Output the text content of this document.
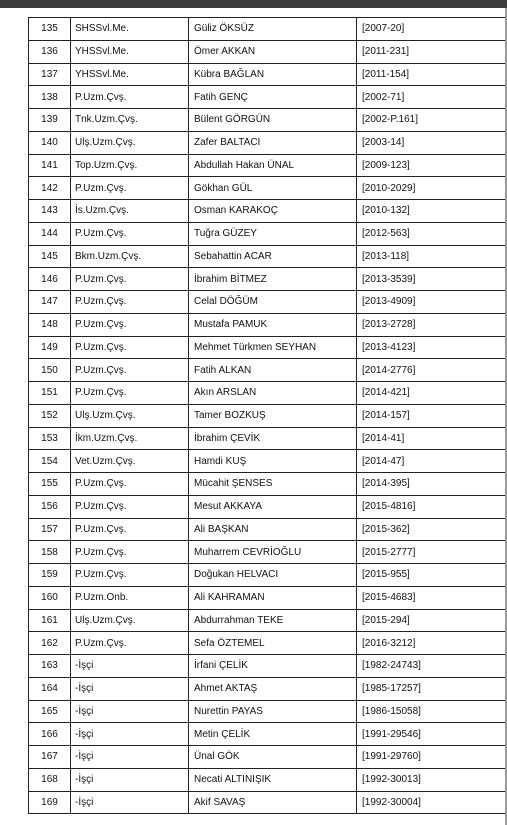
135	SHSSvl.Me.	Güliz ÖKSÜZ	[2007-20]
136	YHSSvl.Me.	Ömer AKKAN	[2011-231]
137	YHSSvl.Me.	Kübra BAĞLAN	[2011-154]
138	P.Uzm.Çvş.	Fatih GENÇ	[2002-71]
139	Tnk.Uzm.Çvş.	Bülent GÖRGÜN	[2002-P.161]
140	Ulş.Uzm.Çvş.	Zafer BALTACI	[2003-14]
141	Top.Uzm.Çvş.	Abdullah Hakan ÜNAL	[2009-123]
142	P.Uzm.Çvş.	Gökhan GÜL	[2010-2029]
143	İs.Uzm.Çvş.	Osman KARAKOÇ	[2010-132]
144	P.Uzm.Çvş.	Tuğra GÜZEY	[2012-563]
145	Bkm.Uzm.Çvş.	Sebahattin ACAR	[2013-118]
146	P.Uzm.Çvş.	İbrahim BİTMEZ	[2013-3539]
147	P.Uzm.Çvş.	Celal DÖĞÜM	[2013-4909]
148	P.Uzm.Çvş.	Mustafa PAMUK	[2013-2728]
149	P.Uzm.Çvş.	Mehmet Türkmen SEYHAN	[2013-4123]
150	P.Uzm.Çvş.	Fatih ALKAN	[2014-2776]
151	P.Uzm.Çvş.	Akın ARSLAN	[2014-421]
152	Ulş.Uzm.Çvş.	Tamer BOZKUŞ	[2014-157]
153	İkm.Uzm.Çvş.	İbrahim ÇEVİK	[2014-41]
154	Vet.Uzm.Çvş.	Hamdi KUŞ	[2014-47]
155	P.Uzm.Çvş.	Mücahit ŞENSES	[2014-395]
156	P.Uzm.Çvş.	Mesut AKKAYA	[2015-4816]
157	P.Uzm.Çvş.	Ali BAŞKAN	[2015-362]
158	P.Uzm.Çvş.	Muharrem CEVRİOĞLU	[2015-2777]
159	P.Uzm.Çvş.	Doğukan HELVACI	[2015-955]
160	P.Uzm.Onb.	Ali KAHRAMAN	[2015-4683]
161	Ulş.Uzm.Çvş.	Abdurrahman TEKE	[2015-294]
162	P.Uzm.Çvş.	Sefa ÖZTEMEL	[2016-3212]
163	-İşçi	İrfani ÇELİK	[1982-24743]
164	-İşçi	Ahmet AKTAŞ	[1985-17257]
165	-İşçi	Nurettin PAYAS	[1986-15058]
166	-İşçi	Metin ÇELİK	[1991-29546]
167	-İşçi	Ünal GÖK	[1991-29760]
168	-İşçi	Necati ALTINIŞIK	[1992-30013]
169	-İşçi	Akif SAVAŞ	[1992-30004]
